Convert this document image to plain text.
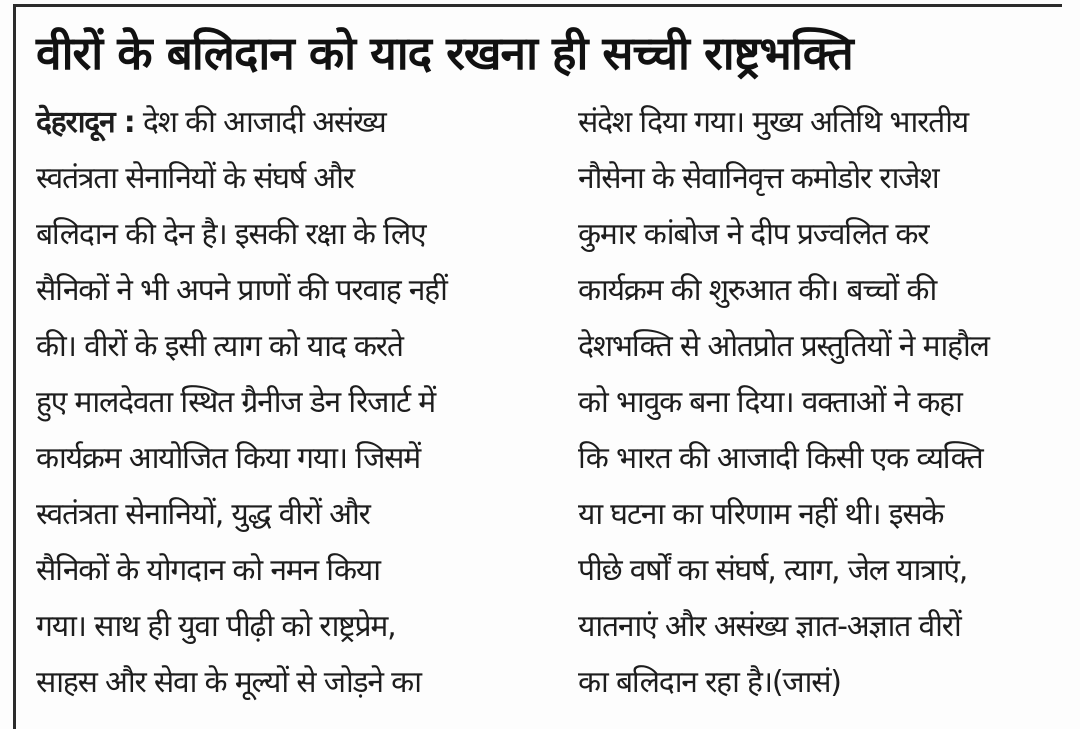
वीरों के बलिदान को याद रखना ही सच्ची राष्ट्रभक्ति
देहरादून : देश की आजादी असंख्य
स्वतंत्रता सेनानियों के संघर्ष और
बलिदान की देन है। इसकी रक्षा के लिए
सैनिकों ने भी अपने प्राणों की परवाह नहीं
की। वीरों के इसी त्याग को याद करते
हुए मालदेवता स्थित ग्रैनीज डेन रिजार्ट में
कार्यक्रम आयोजित किया गया। जिसमें
स्वतंत्रता सेनानियों, युद्ध वीरों और
सैनिकों के योगदान को नमन किया
गया। साथ ही युवा पीढ़ी को राष्ट्रप्रेम,
साहस और सेवा के मूल्यों से जोड़ने का
संदेश दिया गया। मुख्य अतिथि भारतीय
नौसेना के सेवानिवृत्त कमोडोर राजेश
कुमार कांबोज ने दीप प्रज्वलित कर
कार्यक्रम की शुरुआत की। बच्चों की
देशभक्ति से ओतप्रोत प्रस्तुतियों ने माहौल
को भावुक बना दिया। वक्ताओं ने कहा
कि भारत की आजादी किसी एक व्यक्ति
या घटना का परिणाम नहीं थी। इसके
पीछे वर्षों का संघर्ष, त्याग, जेल यात्राएं,
यातनाएं और असंख्य ज्ञात-अज्ञात वीरों
का बलिदान रहा है।(जासं)
